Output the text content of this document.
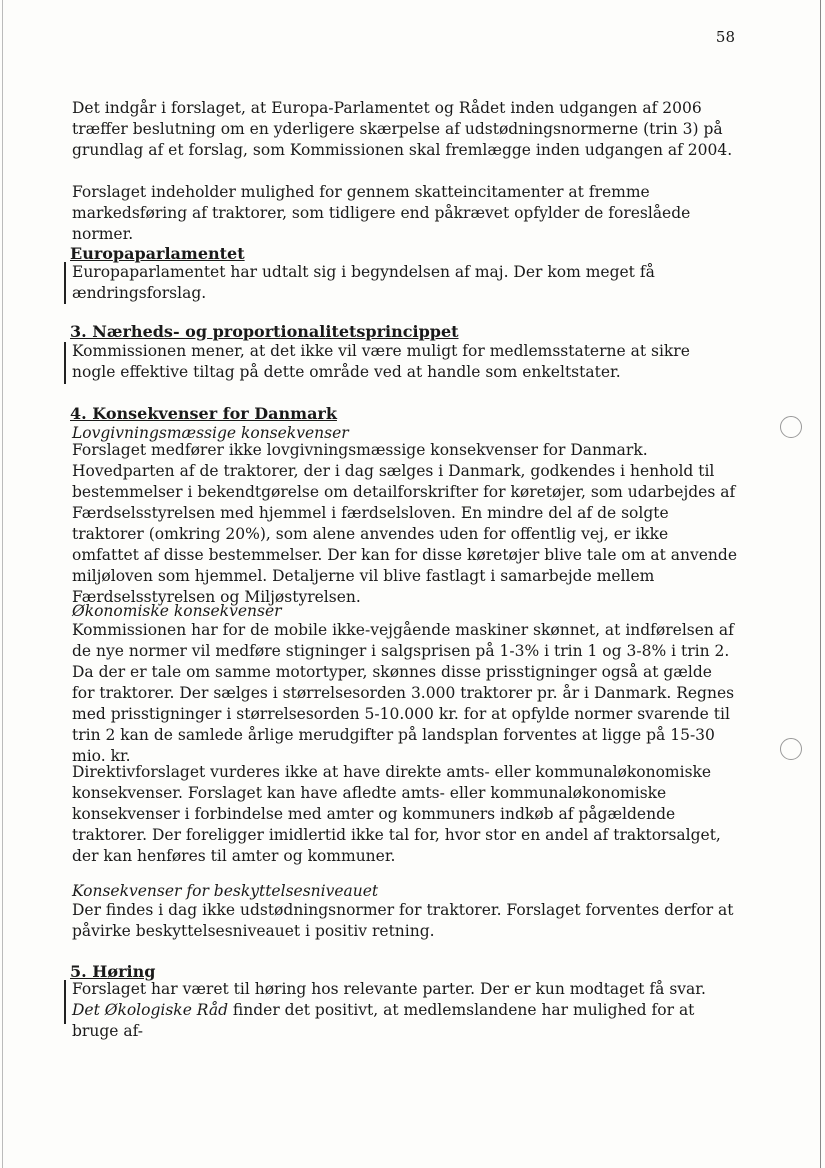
58

Det indgår i forslaget, at Europa-Parlamentet og Rådet inden udgangen af 2006 træffer beslutning om en yderligere skærpelse af udstødningsnormerne (trin 3) på grundlag af et forslag, som Kommissionen skal fremlægge inden udgangen af 2004.

Forslaget indeholder mulighed for gennem skatteincitamenter at fremme markedsføring af traktorer, som tidligere end påkrævet opfylder de foreslåede normer.

Europaparlamentet

Europaparlamentet har udtalt sig i begyndelsen af maj. Der kom meget få ændringsforslag.

3. Nærheds- og proportionalitetsprincippet

Kommissionen mener, at det ikke vil være muligt for medlemsstaterne at sikre nogle effektive tiltag på dette område ved at handle som enkeltstater.

4. Konsekvenser for Danmark

Lovgivningsmæssige konsekvenser

Forslaget medfører ikke lovgivningsmæssige konsekvenser for Danmark. Hovedparten af de traktorer, der i dag sælges i Danmark, godkendes i henhold til bestemmelser i bekendtgørelse om detailforskrifter for køretøjer, som udarbejdes af Færdselsstyrelsen med hjemmel i færdselsloven. En mindre del af de solgte traktorer (omkring 20%), som alene anvendes uden for offentlig vej, er ikke omfattet af disse bestemmelser. Der kan for disse køretøjer blive tale om at anvende miljøloven som hjemmel. Detaljerne vil blive fastlagt i samarbejde mellem Færdselsstyrelsen og Miljøstyrelsen.

Økonomiske konsekvenser

Kommissionen har for de mobile ikke-vejgående maskiner skønnet, at indførelsen af de nye normer vil medføre stigninger i salgsprisen på 1-3% i trin 1 og 3-8% i trin 2. Da der er tale om samme motortyper, skønnes disse prisstigninger også at gælde for traktorer. Der sælges i størrelsesorden 3.000 traktorer pr. år i Danmark. Regnes med prisstigninger i størrelsesorden 5-10.000 kr. for at opfylde normer svarende til trin 2 kan de samlede årlige merudgifter på landsplan forventes at ligge på 15-30 mio. kr.

Direktivforslaget vurderes ikke at have direkte amts- eller kommunaløkonomiske konsekvenser. Forslaget kan have afledte amts- eller kommunaløkonomiske konsekvenser i forbindelse med amter og kommuners indkøb af pågældende traktorer. Der foreligger imidlertid ikke tal for, hvor stor en andel af traktorsalget, der kan henføres til amter og kommuner.

Konsekvenser for beskyttelsesniveauet

Der findes i dag ikke udstødningsnormer for traktorer. Forslaget forventes derfor at påvirke beskyttelsesniveauet i positiv retning.

5. Høring

Forslaget har været til høring hos relevante parter. Der er kun modtaget få svar. Det Økologiske Råd finder det positivt, at medlemslandene har mulighed for at bruge af-
